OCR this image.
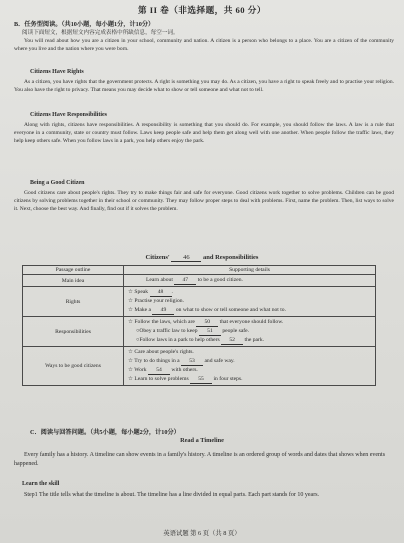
第 II 卷（非选择题，共 60 分）
B．任务型阅读。（共10小题，每小题1分，计10分）
阅读下面短文，根据短文内容完成表格中所缺信息，每空一词。

You will read about how you are a citizen in your school, community and nation. A citizen is a person who belongs to a place. You are a citizen of the community where you live and the nation where you were born.

Citizens Have Rights

As a citizen, you have rights that the government protects. A right is something you may do. As a citizen, you have a right to speak freely and to practise your religion. You also have the right to privacy. That means you may decide what to show or tell someone and what not to tell.

Citizens Have Responsibilities

Along with rights, citizens have responsibilities. A responsibility is something that you should do. For example, you should follow the laws. A law is a rule that everyone in a community, state or country must follow. Laws keep people safe and help them get along well with one another. When people follow the traffic laws, they help keep others safe. When you follow laws in a park, you help others enjoy the park.

Being a Good Citizen

Good citizens care about people's rights. They try to make things fair and safe for everyone. Good citizens work together to solve problems. Children can be good citizens by solving problems together in their school or community. They may follow proper steps to deal with problems. First, name the problem. Then, list ways to solve it. Next, choose the best way. And finally, find out if it solves the problem.

Citizens' 46 and Responsibilities
Passage outline	Supporting details
Main idea	Learn about 47 to be a good citizen.

Rights	☆ Speak 48 .
☆ Practise your religion.
☆ Make a 49 on what to show or tell someone and what not to.

Responsibilities	☆ Follow the laws, which are 50 that everyone should follow.
○Obey a traffic law to keep 51 people safe.
○Follow laws in a park to help others 52 the park.

Ways to be good citizens	☆ Care about people's rights.
☆ Try to do things in a 53 and safe way.
☆ Work 54 with others.
☆ Learn to solve problems 55 in four steps.
C．阅读与回答问题。（共5小题，每小题2分，计10分）
Read a Timeline

Every family has a history. A timeline can show events in a family's history. A timeline is an ordered group of words and dates that shows when events happened.

Learn the skill

Step1 The title tells what the timeline is about. The timeline has a line divided in equal parts. Each part stands for 10 years.

英语试题 第 6 页（共 8 页）
